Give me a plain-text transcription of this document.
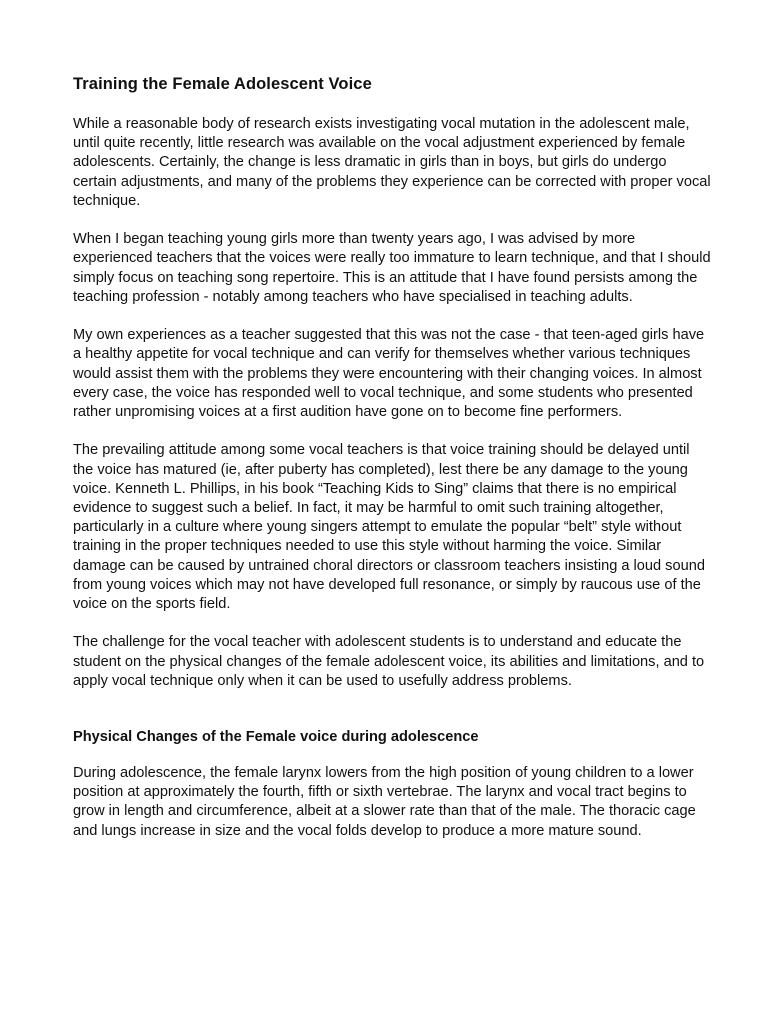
Training the Female Adolescent Voice

While a reasonable body of research exists investigating vocal mutation in the adolescent male, until quite recently, little research was available on the vocal adjustment experienced by female adolescents. Certainly, the change is less dramatic in girls than in boys, but girls do undergo certain adjustments, and many of the problems they experience can be corrected with proper vocal technique.

When I began teaching young girls more than twenty years ago, I was advised by more experienced teachers that the voices were really too immature to learn technique, and that I should simply focus on teaching song repertoire. This is an attitude that I have found persists among the teaching profession - notably among teachers who have specialised in teaching adults.

My own experiences as a teacher suggested that this was not the case - that teen-aged girls have a healthy appetite for vocal technique and can verify for themselves whether various techniques would assist them with the problems they were encountering with their changing voices. In almost every case, the voice has responded well to vocal technique, and some students who presented rather unpromising voices at a first audition have gone on to become fine performers.

The prevailing attitude among some vocal teachers is that voice training should be delayed until the voice has matured (ie, after puberty has completed), lest there be any damage to the young voice. Kenneth L. Phillips, in his book “Teaching Kids to Sing” claims that there is no empirical evidence to suggest such a belief. In fact, it may be harmful to omit such training altogether, particularly in a culture where young singers attempt to emulate the popular “belt” style without training in the proper techniques needed to use this style without harming the voice. Similar damage can be caused by untrained choral directors or classroom teachers insisting a loud sound from young voices which may not have developed full resonance, or simply by raucous use of the voice on the sports field.

The challenge for the vocal teacher with adolescent students is to understand and educate the student on the physical changes of the female adolescent voice, its abilities and limitations, and to apply vocal technique only when it can be used to usefully address problems.

Physical Changes of the Female voice during adolescence

During adolescence, the female larynx lowers from the high position of young children to a lower position at approximately the fourth, fifth or sixth vertebrae. The larynx and vocal tract begins to grow in length and circumference, albeit at a slower rate than that of the male. The thoracic cage and lungs increase in size and the vocal folds develop to produce a more mature sound.
